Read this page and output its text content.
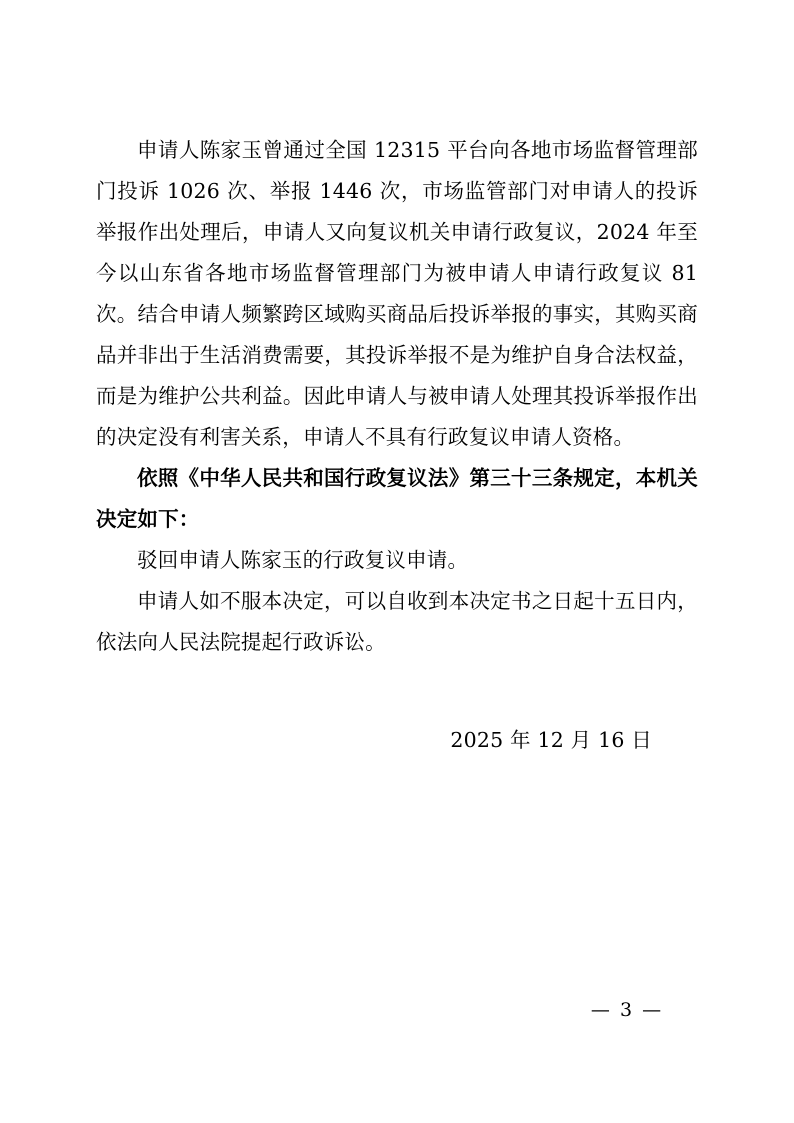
申请人陈家玉曾通过全国 12315 平台向各地市场监督管理部门投诉 1026 次、举报 1446 次，市场监管部门对申请人的投诉举报作出处理后，申请人又向复议机关申请行政复议，2024 年至今以山东省各地市场监督管理部门为被申请人申请行政复议 81 次。结合申请人频繁跨区域购买商品后投诉举报的事实，其购买商品并非出于生活消费需要，其投诉举报不是为维护自身合法权益，而是为维护公共利益。因此申请人与被申请人处理其投诉举报作出的决定没有利害关系，申请人不具有行政复议申请人资格。

依照《中华人民共和国行政复议法》第三十三条规定，本机关决定如下：

驳回申请人陈家玉的行政复议申请。

申请人如不服本决定，可以自收到本决定书之日起十五日内，依法向人民法院提起行政诉讼。

2025 年 12 月 16 日
— 3 —
